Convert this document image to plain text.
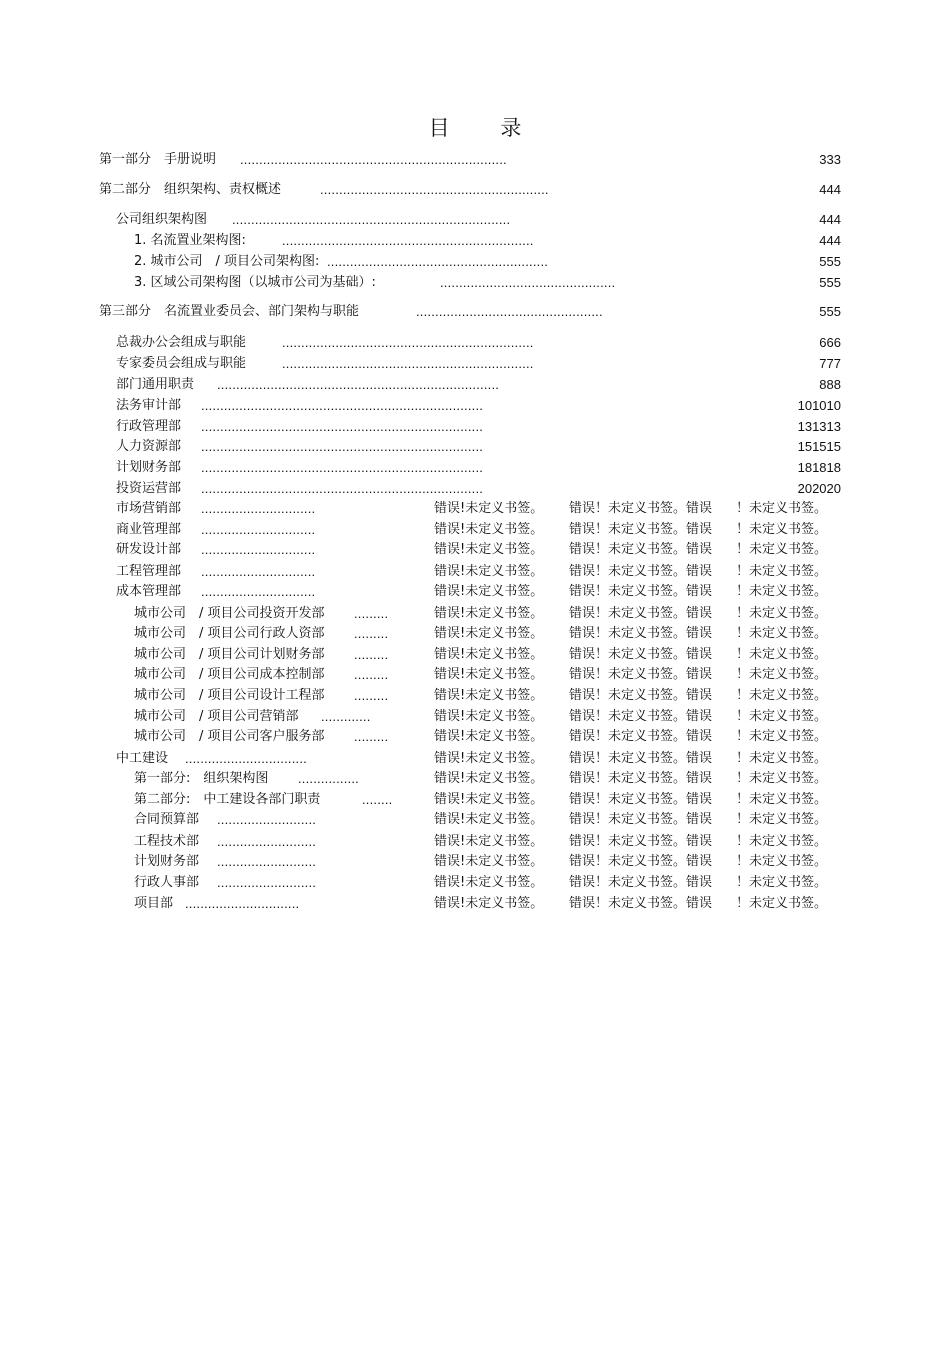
目 录
第一部分　手册说明 ......................................................................	333
第二部分　组织架构、责权概述	............................................................	444
公司组织架构图 .........................................................................	444
1. 名流置业架构图:	..................................................................	444
2. 城市公司　/ 项目公司架构图: ..........................................................	555
3. 区域公司架构图（以城市公司为基础）:	..............................................	555
第三部分　名流置业委员会、部门架构与职能	.................................................	555
总裁办公会组成与职能	..................................................................	666
专家委员会组成与职能	..................................................................	777
部门通用职责 ..........................................................................	888
法务审计部 ..........................................................................	101010
行政管理部 ..........................................................................	131313
人力资源部 ..........................................................................	151515
计划财务部 ..........................................................................	181818
投资运营部 ..........................................................................	202020
市场营销部 ..............................	错误!未定义书签。 错误！未定义书签。错误 ！未定义书签。
商业管理部 ..............................	错误!未定义书签。 错误！未定义书签。错误 ！未定义书签。
研发设计部 ..............................	错误!未定义书签。 错误！未定义书签。错误 ！未定义书签。
工程管理部 ..............................	错误!未定义书签。 错误！未定义书签。错误 ！未定义书签。
成本管理部 ..............................	错误!未定义书签。 错误！未定义书签。错误 ！未定义书签。
城市公司　/ 项目公司投资开发部 .........	错误!未定义书签。 错误！未定义书签。错误 ！未定义书签。
城市公司　/ 项目公司行政人资部 .........	错误!未定义书签。 错误！未定义书签。错误 ！未定义书签。
城市公司　/ 项目公司计划财务部 .........	错误!未定义书签。 错误！未定义书签。错误 ！未定义书签。
城市公司　/ 项目公司成本控制部 .........	错误!未定义书签。 错误！未定义书签。错误 ！未定义书签。
城市公司　/ 项目公司设计工程部 .........	错误!未定义书签。 错误！未定义书签。错误 ！未定义书签。
城市公司　/ 项目公司营销部 .............	错误!未定义书签。 错误！未定义书签。错误 ！未定义书签。
城市公司　/ 项目公司客户服务部 .........	错误!未定义书签。 错误！未定义书签。错误 ！未定义书签。
中工建设 ................................	错误!未定义书签。 错误！未定义书签。错误 ！未定义书签。
第一部分:　组织架构图 ................	错误!未定义书签。 错误！未定义书签。错误 ！未定义书签。
第二部分:　中工建设各部门职责	........	错误!未定义书签。 错误！未定义书签。错误 ！未定义书签。
合同预算部 ..........................	错误!未定义书签。 错误！未定义书签。错误 ！未定义书签。
工程技术部 ..........................	错误!未定义书签。 错误！未定义书签。错误 ！未定义书签。
计划财务部 ..........................	错误!未定义书签。 错误！未定义书签。错误 ！未定义书签。
行政人事部 ..........................	错误!未定义书签。 错误！未定义书签。错误 ！未定义书签。
项目部 ..............................	错误!未定义书签。 错误！未定义书签。错误 ！未定义书签。
